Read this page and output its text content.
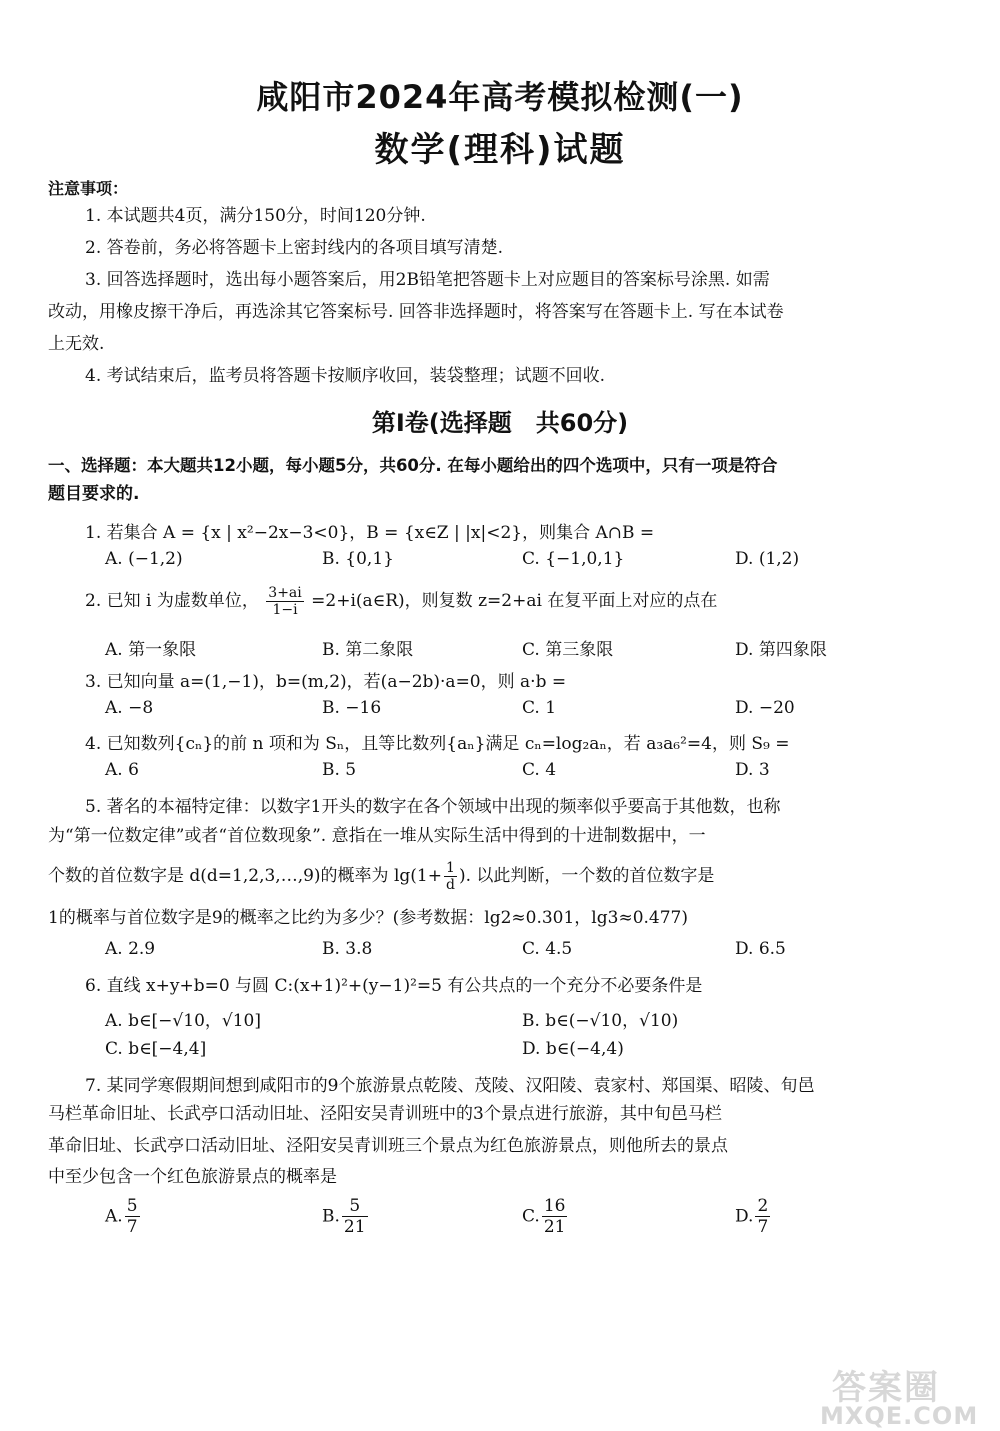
咸阳市2024年高考模拟检测(一)
数学(理科)试题
注意事项：
1. 本试题共4页，满分150分，时间120分钟.
2. 答卷前，务必将答题卡上密封线内的各项目填写清楚.
3. 回答选择题时，选出每小题答案后，用2B铅笔把答题卡上对应题目的答案标号涂黑. 如需
改动，用橡皮擦干净后，再选涂其它答案标号. 回答非选择题时，将答案写在答题卡上. 写在本试卷
上无效.
4. 考试结束后，监考员将答题卡按顺序收回，装袋整理；试题不回收.
第Ⅰ卷(选择题　共60分)
一、选择题：本大题共12小题，每小题5分，共60分. 在每小题给出的四个选项中，只有一项是符合
题目要求的.
1. 若集合 A = {x | x²−2x−3<0}，B = {x∈Z | |x|<2}，则集合 A∩B =
A. (−1,2)	B. {0,1}	C. {−1,0,1}	D. (1,2)
2. 已知 i 为虚数单位， $\frac{3+ai}{1-i}$ =2+i(a∈R)，则复数 z=2+ai 在复平面上对应的点在
A. 第一象限	B. 第二象限	C. 第三象限	D. 第四象限
3. 已知向量 a=(1,−1)，b=(m,2)，若(a−2b)·a=0，则 a·b =
A. −8	B. −16	C. 1	D. −20
4. 已知数列{cₙ}的前 n 项和为 Sₙ，且等比数列{aₙ}满足 cₙ=log₂aₙ，若 a₃a₆²=4，则 S₉ =
A. 6	B. 5	C. 4	D. 3
5. 著名的本福特定律：以数字1开头的数字在各个领域中出现的频率似乎要高于其他数，也称
为“第一位数定律”或者“首位数现象”. 意指在一堆从实际生活中得到的十进制数据中，一
个数的首位数字是 d(d=1,2,3,…,9)的概率为 $\lg(1+ \frac{1}{d}$ ). 以此判断，一个数的首位数字是
1的概率与首位数字是9的概率之比约为多少？(参考数据：lg2≈0.301，lg3≈0.477)
A. 2.9	B. 3.8	C. 4.5	D. 6.5
6. 直线 x+y+b=0 与圆 C:(x+1)²+(y−1)²=5 有公共点的一个充分不必要条件是
A. b∈[−√10，√10]	B. b∈(−√10，√10)
C. b∈[−4,4]	D. b∈(−4,4)
7. 某同学寒假期间想到咸阳市的9个旅游景点乾陵、茂陵、汉阳陵、袁家村、郑国渠、昭陵、旬邑
马栏革命旧址、长武亭口活动旧址、泾阳安吴青训班中的3个景点进行旅游，其中旬邑马栏
革命旧址、长武亭口活动旧址、泾阳安吴青训班三个景点为红色旅游景点，则他所去的景点
中至少包含一个红色旅游景点的概率是
A. $\frac{5}{7}$	B. $\frac{5}{21}$	C. $\frac{16}{21}$	D. $\frac{2}{7}$
答案圈
MXQE.COM
